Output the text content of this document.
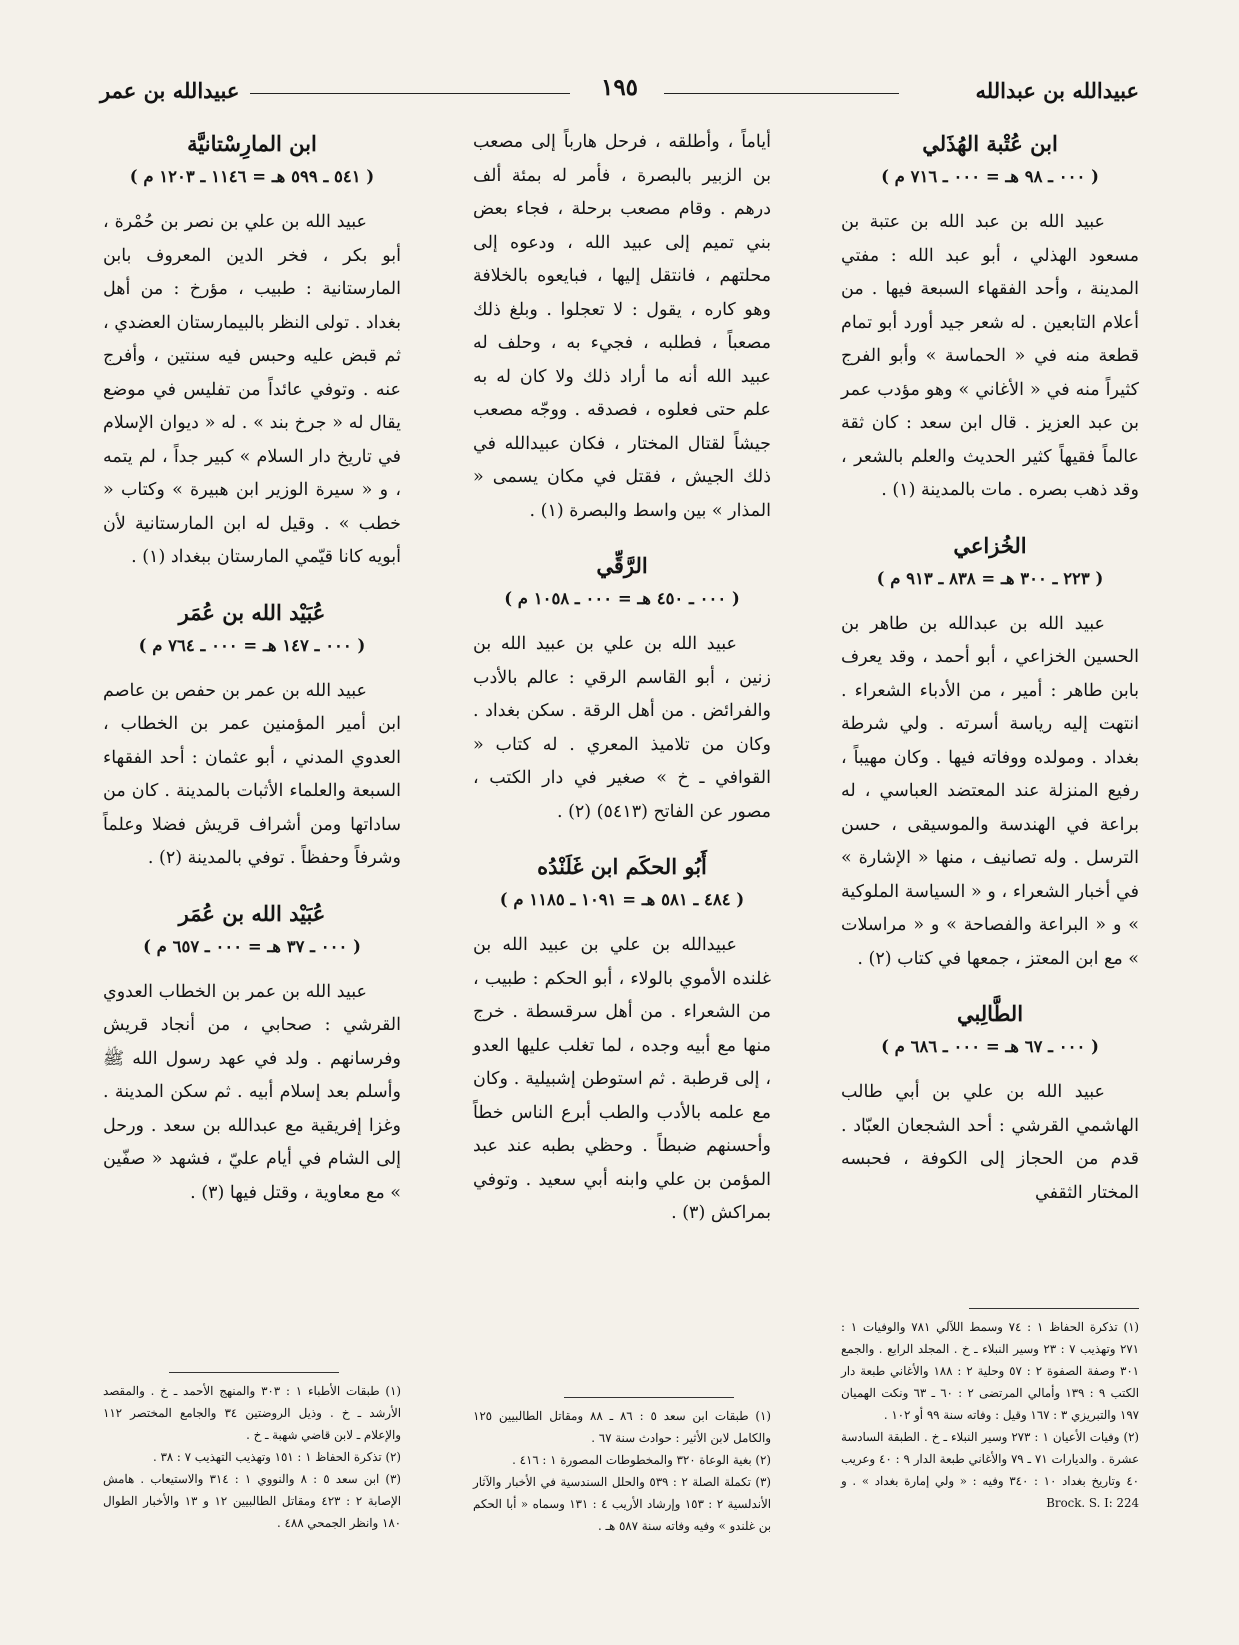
عبيدالله بن عبدالله
١٩٥
عبيدالله بن عمر

ابن عُتْبة الهُذَلي

( ٠٠٠ ـ ٩٨ هـ = ٠٠٠ ـ ٧١٦ م )

عبيد الله بن عبد الله بن عتبة بن مسعود الهذلي ، أبو عبد الله : مفتي المدينة ، وأحد الفقهاء السبعة فيها . من أعلام التابعين . له شعر جيد أورد أبو تمام قطعة منه في « الحماسة » وأبو الفرج كثيراً منه في « الأغاني » وهو مؤدب عمر بن عبد العزيز . قال ابن سعد : كان ثقة عالماً فقيهاً كثير الحديث والعلم بالشعر ، وقد ذهب بصره . مات بالمدينة (١) .

الخُزاعي

( ٢٢٣ ـ ٣٠٠ هـ = ٨٣٨ ـ ٩١٣ م )

عبيد الله بن عبدالله بن طاهر بن الحسين الخزاعي ، أبو أحمد ، وقد يعرف بابن طاهر : أمير ، من الأدباء الشعراء . انتهت إليه رياسة أسرته . ولي شرطة بغداد . ومولده ووفاته فيها . وكان مهيباً ، رفيع المنزلة عند المعتضد العباسي ، له براعة في الهندسة والموسيقى ، حسن الترسل . وله تصانيف ، منها « الإشارة » في أخبار الشعراء ، و « السياسة الملوكية » و « البراعة والفصاحة » و « مراسلات » مع ابن المعتز ، جمعها في كتاب (٢) .

الطَّالِبي

( ٠٠٠ ـ ٦٧ هـ = ٠٠٠ ـ ٦٨٦ م )

عبيد الله بن علي بن أبي طالب الهاشمي القرشي : أحد الشجعان العبّاد . قدم من الحجاز إلى الكوفة ، فحبسه المختار الثقفي

أياماً ، وأطلقه ، فرحل هارباً إلى مصعب بن الزبير بالبصرة ، فأمر له بمئة ألف درهم . وقام مصعب برحلة ، فجاء بعض بني تميم إلى عبيد الله ، ودعوه إلى محلتهم ، فانتقل إليها ، فبايعوه بالخلافة وهو كاره ، يقول : لا تعجلوا . وبلغ ذلك مصعباً ، فطلبه ، فجيء به ، وحلف له عبيد الله أنه ما أراد ذلك ولا كان له به علم حتى فعلوه ، فصدقه . ووجّه مصعب جيشاً لقتال المختار ، فكان عبيدالله في ذلك الجيش ، فقتل في مكان يسمى « المذار » بين واسط والبصرة (١) .

الرَّقِّي

( ٠٠٠ ـ ٤٥٠ هـ = ٠٠٠ ـ ١٠٥٨ م )

عبيد الله بن علي بن عبيد الله بن زنين ، أبو القاسم الرقي : عالم بالأدب والفرائض . من أهل الرقة . سكن بغداد . وكان من تلاميذ المعري . له كتاب « القوافي ـ خ » صغير في دار الكتب ، مصور عن الفاتح (٥٤١٣) (٢) .

أَبُو الحكَم ابن غَلَنْدُه

( ٤٨٤ ـ ٥٨١ هـ = ١٠٩١ ـ ١١٨٥ م )

عبيدالله بن علي بن عبيد الله بن غلنده الأموي بالولاء ، أبو الحكم : طبيب ، من الشعراء . من أهل سرقسطة . خرج منها مع أبيه وجده ، لما تغلب عليها العدو ، إلى قرطبة . ثم استوطن إشبيلية . وكان مع علمه بالأدب والطب أبرع الناس خطاً وأحسنهم ضبطاً . وحظي بطبه عند عبد المؤمن بن علي وابنه أبي سعيد . وتوفي بمراكش (٣) .

ابن المارِسْتانيَّة

( ٥٤١ ـ ٥٩٩ هـ = ١١٤٦ ـ ١٢٠٣ م )

عبيد الله بن علي بن نصر بن حُمْرة ، أبو بكر ، فخر الدين المعروف بابن المارستانية : طبيب ، مؤرخ : من أهل بغداد . تولى النظر بالبيمارستان العضدي ، ثم قبض عليه وحبس فيه سنتين ، وأفرج عنه . وتوفي عائداً من تفليس في موضع يقال له « جرخ بند » . له « ديوان الإسلام في تاريخ دار السلام » كبير جداً ، لم يتمه ، و « سيرة الوزير ابن هبيرة » وكتاب « خطب » . وقيل له ابن المارستانية لأن أبويه كانا قيّمي المارستان ببغداد (١) .

عُبَيْد الله بن عُمَر

( ٠٠٠ ـ ١٤٧ هـ = ٠٠٠ ـ ٧٦٤ م )

عبيد الله بن عمر بن حفص بن عاصم ابن أمير المؤمنين عمر بن الخطاب ، العدوي المدني ، أبو عثمان : أحد الفقهاء السبعة والعلماء الأثبات بالمدينة . كان من ساداتها ومن أشراف قريش فضلا وعلماً وشرفاً وحفظاً . توفي بالمدينة (٢) .

عُبَيْد الله بن عُمَر

( ٠٠٠ ـ ٣٧ هـ = ٠٠٠ ـ ٦٥٧ م )

عبيد الله بن عمر بن الخطاب العدوي القرشي : صحابي ، من أنجاد قريش وفرسانهم . ولد في عهد رسول الله ﷺ وأسلم بعد إسلام أبيه . ثم سكن المدينة . وغزا إفريقية مع عبدالله بن سعد . ورحل إلى الشام في أيام عليّ ، فشهد « صفّين » مع معاوية ، وقتل فيها (٣) .

(١) تذكرة الحفاظ ١ : ٧٤ وسمط اللآلي ٧٨١ والوفيات ١ : ٢٧١ وتهذيب ٧ : ٢٣ وسير النبلاء ـ خ . المجلد الرابع . والجمع ٣٠١ وصفة الصفوة ٢ : ٥٧ وحلية ٢ : ١٨٨ والأغاني طبعة دار الكتب ٩ : ١٣٩ وأمالي المرتضى ٢ : ٦٠ ـ ٦٣ ونكت الهميان ١٩٧ والتبريزي ٣ : ١٦٧ وقيل : وفاته سنة ٩٩ أو ١٠٢ .

(٢) وفيات الأعيان ١ : ٢٧٣ وسير النبلاء ـ خ . الطبقة السادسة عشرة . والديارات ٧١ ـ ٧٩ والأغاني طبعة الدار ٩ : ٤٠ وعريب ٤٠ وتاريخ بغداد ١٠ : ٣٤٠ وفيه : « ولي إمارة بغداد » . و Brock. S. I: 224

(١) طبقات ابن سعد ٥ : ٨٦ ـ ٨٨ ومقاتل الطالبيين ١٢٥ والكامل لابن الأثير : حوادث سنة ٦٧ .

(٢) بغية الوعاة ٣٢٠ والمخطوطات المصورة ١ : ٤١٦ .

(٣) تكملة الصلة ٢ : ٥٣٩ والحلل السندسية في الأخبار والآثار الأندلسية ٢ : ١٥٣ وإرشاد الأريب ٤ : ١٣١ وسماه « أبا الحكم بن غلندو » وفيه وفاته سنة ٥٨٧ هـ .

(١) طبقات الأطباء ١ : ٣٠٣ والمنهج الأحمد ـ خ . والمقصد الأرشد ـ خ . وذيل الروضتين ٣٤ والجامع المختصر ١١٢ والإعلام ـ لابن قاضي شهبة ـ خ .

(٢) تذكرة الحفاظ ١ : ١٥١ وتهذيب التهذيب ٧ : ٣٨ .

(٣) ابن سعد ٥ : ٨ والنووي ١ : ٣١٤ والاستيعاب . هامش الإصابة ٢ : ٤٢٣ ومقاتل الطالبيين ١٢ و ١٣ والأخبار الطوال ١٨٠ وانظر الجمحي ٤٨٨ .
